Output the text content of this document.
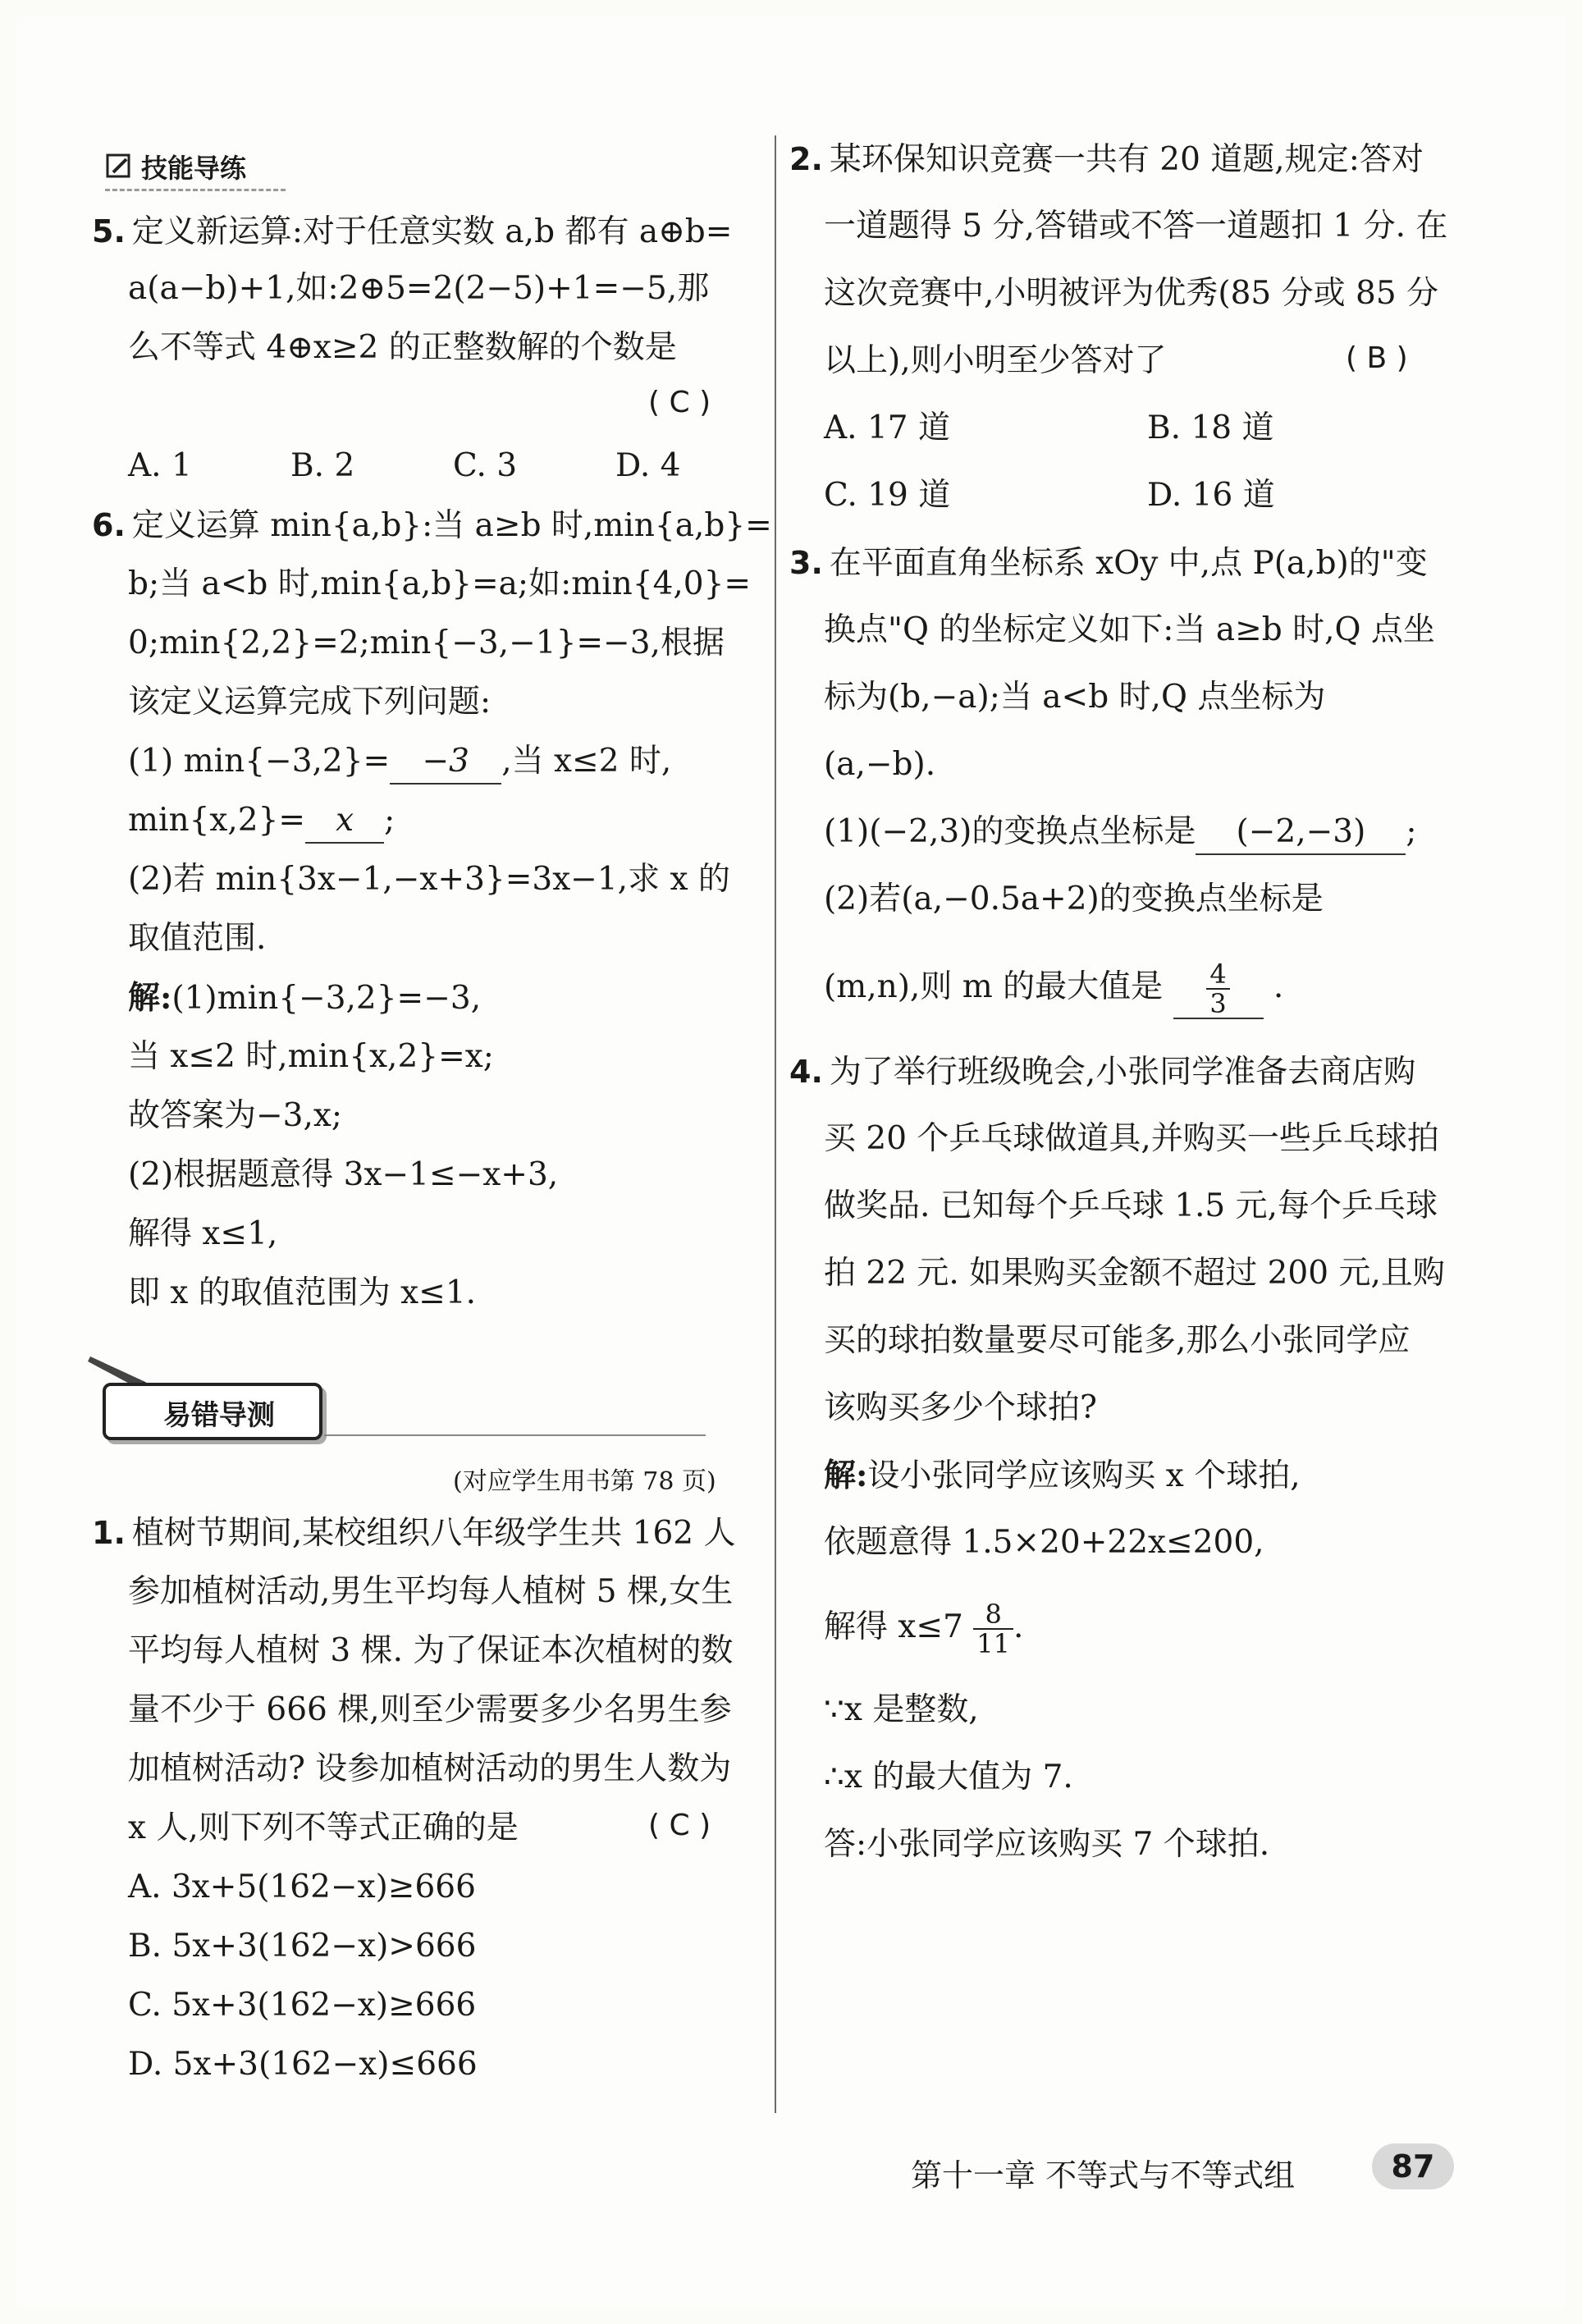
技能导练
5. 定义新运算:对于任意实数 a,b 都有 a⊕b=
a(a−b)+1,如:2⊕5=2(2−5)+1=−5,那
么不等式 4⊕x≥2 的正整数解的个数是
( C )
A. 1	B. 2	C. 3	D. 4
6. 定义运算 min{a,b}:当 a≥b 时,min{a,b}=
b;当 a<b 时,min{a,b}=a;如:min{4,0}=
0;min{2,2}=2;min{−3,−1}=−3,根据
该定义运算完成下列问题:
(1) min{−3,2}= −3 ,当 x≤2 时,
min{x,2}= x ;
(2)若 min{3x−1,−x+3}=3x−1,求 x 的
取值范围.
解:(1)min{−3,2}=−3,
当 x≤2 时,min{x,2}=x;
故答案为−3,x;
(2)根据题意得 3x−1≤−x+3,
解得 x≤1,
即 x 的取值范围为 x≤1.
易错导测
(对应学生用书第 78 页)
1. 植树节期间,某校组织八年级学生共 162 人
参加植树活动,男生平均每人植树 5 棵,女生
平均每人植树 3 棵. 为了保证本次植树的数
量不少于 666 棵,则至少需要多少名男生参
加植树活动? 设参加植树活动的男生人数为
x 人,则下列不等式正确的是	( C )
A. 3x+5(162−x)≥666
B. 5x+3(162−x)>666
C. 5x+3(162−x)≥666
D. 5x+3(162−x)≤666
2. 某环保知识竞赛一共有 20 道题,规定:答对
一道题得 5 分,答错或不答一道题扣 1 分. 在
这次竞赛中,小明被评为优秀(85 分或 85 分
以上),则小明至少答对了	( B )
A. 17 道	B. 18 道
C. 19 道	D. 16 道
3. 在平面直角坐标系 xOy 中,点 P(a,b)的"变
换点"Q 的坐标定义如下:当 a≥b 时,Q 点坐
标为(b,−a);当 a<b 时,Q 点坐标为
(a,−b).
(1)(−2,3)的变换点坐标是 (−2,−3) ;
(2)若(a,−0.5a+2)的变换点坐标是
(m,n),则 m 的最大值是 $\frac{4}{3}$ .
4. 为了举行班级晚会,小张同学准备去商店购
买 20 个乒乓球做道具,并购买一些乒乓球拍
做奖品. 已知每个乒乓球 1.5 元,每个乒乓球
拍 22 元. 如果购买金额不超过 200 元,且购
买的球拍数量要尽可能多,那么小张同学应
该购买多少个球拍?
解:设小张同学应该购买 x 个球拍,
依题意得 1.5×20+22x≤200,
解得 $x\le 7 \frac{8}{11}$ .
∵x 是整数,
∴x 的最大值为 7.
答:小张同学应该购买 7 个球拍.
第十一章 不等式与不等式组	87
